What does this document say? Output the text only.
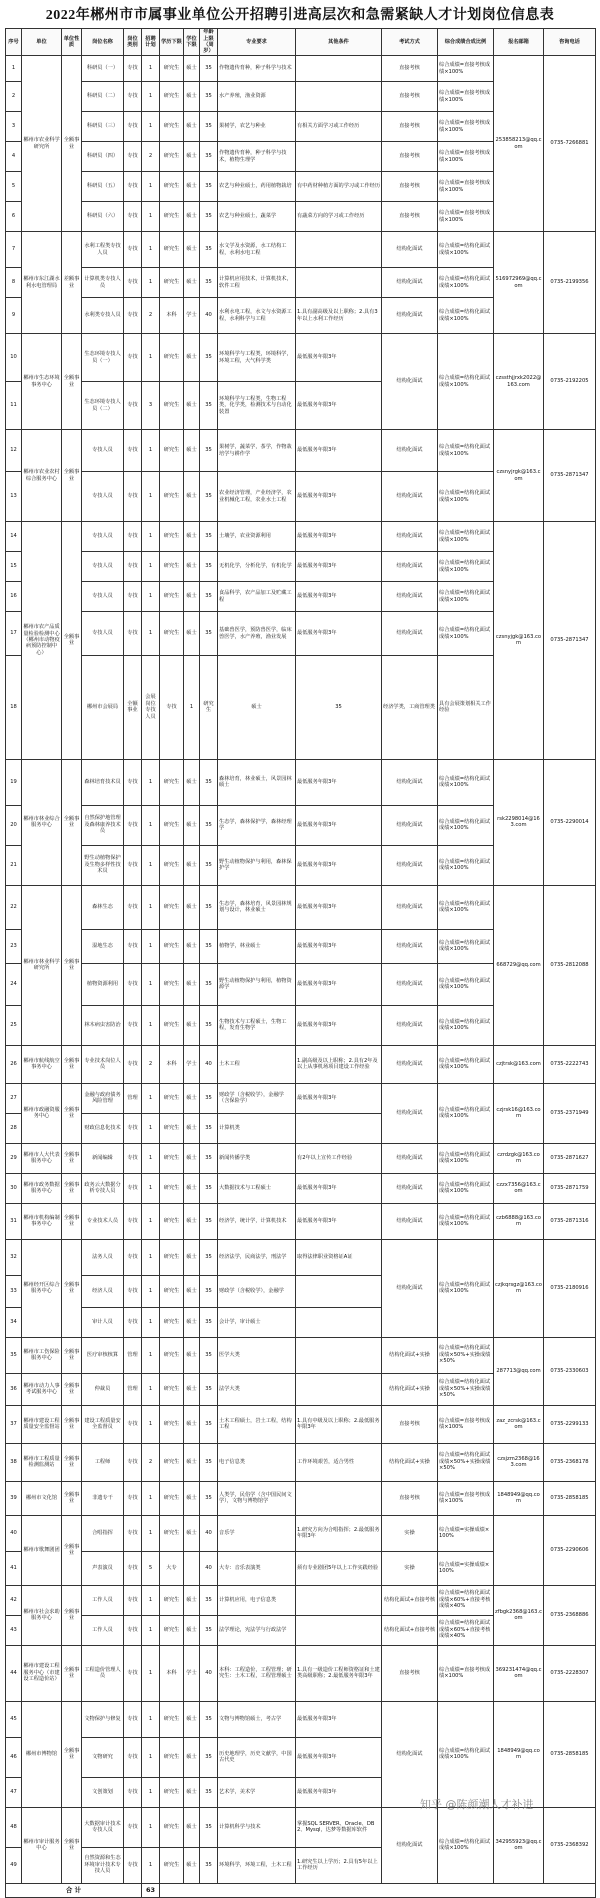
2022年郴州市市属事业单位公开招聘引进高层次和急需紧缺人才计划岗位信息表
序号	单位	单位性质	岗位名称	岗位类别	招聘计划	学历下限	学位下限	年龄上限（周岁）	专业要求	其他条件	考试方式	综合成绩合成比例	报名邮箱	咨询电话	
1	郴州市农业科学研究所	全额事业	科研员（一）	专技	1	研究生	硕士	35	作物遗传育种，种子科学与技术		直接考核	综合成绩=直接考核成绩×100%	253858213@qq.com	0735-7266881	
2			科研员（二）	专技	1	研究生	硕士	35	水产养殖，渔业资源		直接考核	综合成绩=直接考核成绩×100%			
3			科研员（三）	专技	1	研究生	硕士	35	果树学，农艺与种业	有相关方面学习或工作经历	直接考核	综合成绩=直接考核成绩×100%			
4			科研员（四）	专技	2	研究生	硕士	35	作物遗传育种，种子科学与技术，植物生理学		直接考核	综合成绩=直接考核成绩×100%			
5			科研员（五）	专技	1	研究生	硕士	35	农艺与种业硕士，药用植物栽培	有中药材种植方面的学习或工作经历	直接考核	综合成绩=直接考核成绩×100%			
6			科研员（六）	专技	1	研究生	硕士	35	农艺与种业硕士，蔬菜学	有蔬菜方向的学习或工作经历	直接考核	综合成绩=直接考核成绩×100%			
7	郴州市东江湖水利水电管理局	差额事业	水利工程类专技人员	专技	1	研究生	硕士	35	水文学及水资源，水工结构工程，水利水电工程		结构化面试	综合成绩=结构化面试成绩×100%	516972969@qq.com	0735-2199356	
8			计算机类专技人员	专技	1	研究生	硕士	35	计算机应用技术，计算机技术，软件工程		结构化面试	综合成绩=结构化面试成绩×100%			
9			水利类专技人员	专技	2	本科	学士	40	水利水电工程，水文与水资源工程，水利科学与工程	1.具有副高级及以上职称；2.具有3年以上水利工作经历	结构化面试	综合成绩=结构化面试成绩×100%			
10	郴州市生态环境事务中心	全额事业	生态环境专技人员（一）	专技	1	研究生	硕士	35	环境科学与工程类，环境科学，环境工程，大气科学类	最低服务年限3年	结构化面试	综合成绩=结构化面试成绩×100%	czssthjjrxk2022@163.com	0735-2192205	
11			生态环境专技人员（二）	专技	3	研究生	硕士	35	环境科学与工程类，生物工程类，化学类，检测技术与自动化装置	最低服务年限3年					
12	郴州市农业农村综合服务中心	全额事业	专技人员	专技	1	研究生	硕士	35	果树学，蔬菜学，茶学，作物栽培学与耕作学	最低服务年限3年	结构化面试	综合成绩=结构化面试成绩×100%	czsnyjrgk@163.com	0735-2871347	
13			专技人员	专技	1	研究生	硕士	35	农业经济管理，产业经济学，农业机械化工程，农业水土工程	最低服务年限3年	结构化面试	综合成绩=结构化面试成绩×100%			
14	郴州市农产品质量检验检测中心（郴州市动物疫病预防控制中心）	全额事业	专技人员	专技	1	研究生	硕士	35	土壤学，农业资源利用	最低服务年限3年	结构化面试	综合成绩=结构化面试成绩×100%	czsnyjgk@163.com	0735-2871347	
15			专技人员	专技	1	研究生	硕士	35	无机化学，分析化学，有机化学	最低服务年限3年	结构化面试	综合成绩=结构化面试成绩×100%			
16			专技人员	专技	1	研究生	硕士	35	食品科学，农产品加工及贮藏工程	最低服务年限3年	结构化面试	综合成绩=结构化面试成绩×100%			
17			专技人员	专技	1	研究生	硕士	35	基础兽医学，预防兽医学，临床兽医学，水产养殖，渔业发展	最低服务年限3年	结构化面试	综合成绩=结构化面试成绩×100%			
18			郴州市会展局	全额事业	会展岗位专技人员	专技	1	研究生	硕士	35	经济学类，工商管理类	具有会展策划相关工作经验				
19	郴州市林业综合服务中心	全额事业	森林培育技术员	专技	1	研究生	硕士	35	森林培育，林业硕士，风景园林硕士	最低服务年限3年	结构化面试	综合成绩=结构化面试成绩×100%	rsk2298014@163.com	0735-2290014	
20			自然保护地管理及森林康养技术员	专技	1	研究生	硕士	35	生态学，森林保护学，森林经理学	最低服务年限3年	结构化面试	综合成绩=结构化面试成绩×100%			
21			野生动植物保护及生物多样性技术员	专技	1	研究生	硕士	35	野生动植物保护与利用，森林保护学	最低服务年限3年	结构化面试	综合成绩=结构化面试成绩×100%			
22	郴州市林业科学研究所	全额事业	森林生态	专技	1	研究生	硕士	35	生态学，森林培育，风景园林规划与设计，林业硕士	最低服务年限3年	结构化面试	综合成绩=结构化面试成绩×100%	668729@qq.com	0735-2812088	
23			湿地生态	专技	1	研究生	硕士	35	植物学，林业硕士	最低服务年限3年	结构化面试	综合成绩=结构化面试成绩×100%			
24			植物资源利用	专技	1	研究生	硕士	35	野生动植物保护与利用，植物资源学	最低服务年限3年	结构化面试	综合成绩=结构化面试成绩×100%			
25			林木病虫害防治	专技	1	研究生	硕士	35	生物技术与工程硕士，生物工程，发育生物学	最低服务年限3年	结构化面试	综合成绩=结构化面试成绩×100%			
26	郴州市航线航空事务中心	全额事业	专业技术岗位人员	专技	2	本科	学士	40	土木工程	1.副高级及以上职称；2.具有2年及以上从事机场项目建设工作经验	结构化面试	综合成绩=结构化面试成绩×100%	czjtrsk@163.com	0735-2222743	
27	郴州市政融资服务中心	全额事业	金融与政府债务风险管理	管理	1	研究生	硕士	35	财政学（含税收学），金融学（含保险学）	最低服务年限3年	结构化面试	综合成绩=结构化面试成绩×100%	czjrsk16@163.com	0735-2371949	
28			财政信息化技术	专技	1	研究生	硕士	35	计算机类						
29	郴州市人大代表服务中心	全额事业	新闻编辑	专技	1	研究生	硕士	35	新闻传播学类	有2年以上宣传工作经验	结构化面试	综合成绩=结构化面试成绩×100%	czrdzgk@163.com	0735-2871627	
30	郴州市政务数据服务中心	全额事业	政务云大数据分析专技人员	专技	1	研究生	硕士	35	大数据技术与工程硕士	最低服务年限3年	结构化面试	综合成绩=结构化面试成绩×100%	czzx7356@163.com	0735-2871759	
31	郴州市机构编制事务中心	全额事业	专业技术人员	专技	1	研究生	硕士	35	经济学，统计学，计算机技术	最低服务年限3年	结构化面试	综合成绩=结构化面试成绩×100%	czb6888@163.com	0735-2871316	
32	郴州经开区综合服务中心	全额事业	法务人员	专技	1	研究生	硕士	35	经济法学，民商法学，刑法学	取得法律职业资格证A证	结构化面试	综合成绩=结构化面试成绩×100%	czjkqrsgz@163.com	0735-2180916	
33			经济人员	专技	1	研究生	硕士	35	财政学（含税收学），金融学						
34			审计人员	专技	1	研究生	硕士	35	会计学，审计硕士						
35	郴州市工伤保险服务中心	全额事业	医疗审核核算	管理	1	研究生	硕士	35	医学大类		结构化面试+实操	综合成绩=结构化面试成绩×50%+实操成绩×50%	287713@qq.com	0735-2330603	
36	郴州市动力人事考试服务中心	全额事业	仲裁员	管理	1	研究生	硕士	35	法学大类		结构化面试+实操	综合成绩=结构化面试成绩×50%+实操成绩×50%			
37	郴州市建设工程质量安全监督站	全额事业	建设工程质量安全监督员	专技	1	研究生	硕士	35	土木工程硕士，岩土工程，结构工程	1.具有中级及以上职称；2.最低服务年限3年	直接考核	综合成绩=直接考核成绩×100%	zaz_zcrsk@163.com	0735-2299133	
38	郴州市工程质量检测监测站	全额事业	工程师	专技	2	研究生	硕士	35	电子信息类	工作环境艰苦，适合男性	结构化面试+实操	综合成绩=结构化面试成绩×50%+实操成绩×50%	czsjzm2368@163.com	0735-2368178	
39	郴州市文化馆	全额事业	非遗专干	专技	1	研究生	硕士	35	人类学，民俗学（含中国民间文学），文物与博物馆学		直接考核	综合成绩=直接考核成绩×100%	1848949@qq.com	0735-2858185	
40	郴州市歌舞剧团	全额事业	合唱指挥	专技	1	研究生	硕士	40	音乐学	1.研究方向为合唱指挥；2.最低服务年限3年	实操	综合成绩=实操成绩×100%		0735-2290606	
41			声表演员	专技	5	大专		40	大专：音乐表演类	须有专业剧团5年以上工作实践经验	实操	综合成绩=实操成绩×100%			
42	郴州市社会求助服务中心	全额事业	工作人员	专技	1	研究生	硕士	35	计算机应用，电子信息类		结构化面试+直接考核	综合成绩=结构化面试成绩×60%+直接考核成绩×40%	zfbgk2368@163.com	0735-2368886	
43			工作人员	专技	1	研究生	硕士	35	法学理论，宪法学与行政法学		结构化面试+直接考核	综合成绩=结构化面试成绩×60%+直接考核成绩×40%			
44	郴州市建设工程服务中心（市建设工程造价站）	全额事业	工程造价管理人员	专技	1	本科	学士	40	本科：工程造价，工程管理；研究生：土木工程，工程管理硕士	1.具有一级造价工程师资格证和土建类高级职称；2.最低服务年限3年	直接考核	综合成绩=直接考核成绩×100%	369231474@qq.com	0735-2228307	
45	郴州市博物馆	全额事业	文物保护与修复	专技	1	研究生	硕士	35	文物与博物馆硕士，考古学	最低服务年限3年	结构化面试	综合成绩=结构化面试成绩×100%	1848949@qq.com	0735-2858185	
46			文物研究	专技	1	研究生	硕士	35	历史地理学，历史文献学，中国古代史	最低服务年限3年					
47			文创策划	专技	1	研究生	硕士	35	艺术学，美术学	最低服务年限3年					
48	郴州市审计服务中心	全额事业	大数据审计技术专技人员	专技	1	研究生	硕士	35	计算机科学与技术	掌握SQL SERVER、Oracle、DB2、Mysql，达梦等数据库软件	结构化面试	综合成绩=结构化面试成绩×100%	342955923@qq.com	0735-2368392	
49			自然资源和生态环境审计技术专技人员	专技	1	研究生	硕士	35	环境科学，环境工程，土木工程	1.研究生以上学历；2.具有5年以上工作经历					
合 计					63										
知乎 @陈颜潮人才补进
